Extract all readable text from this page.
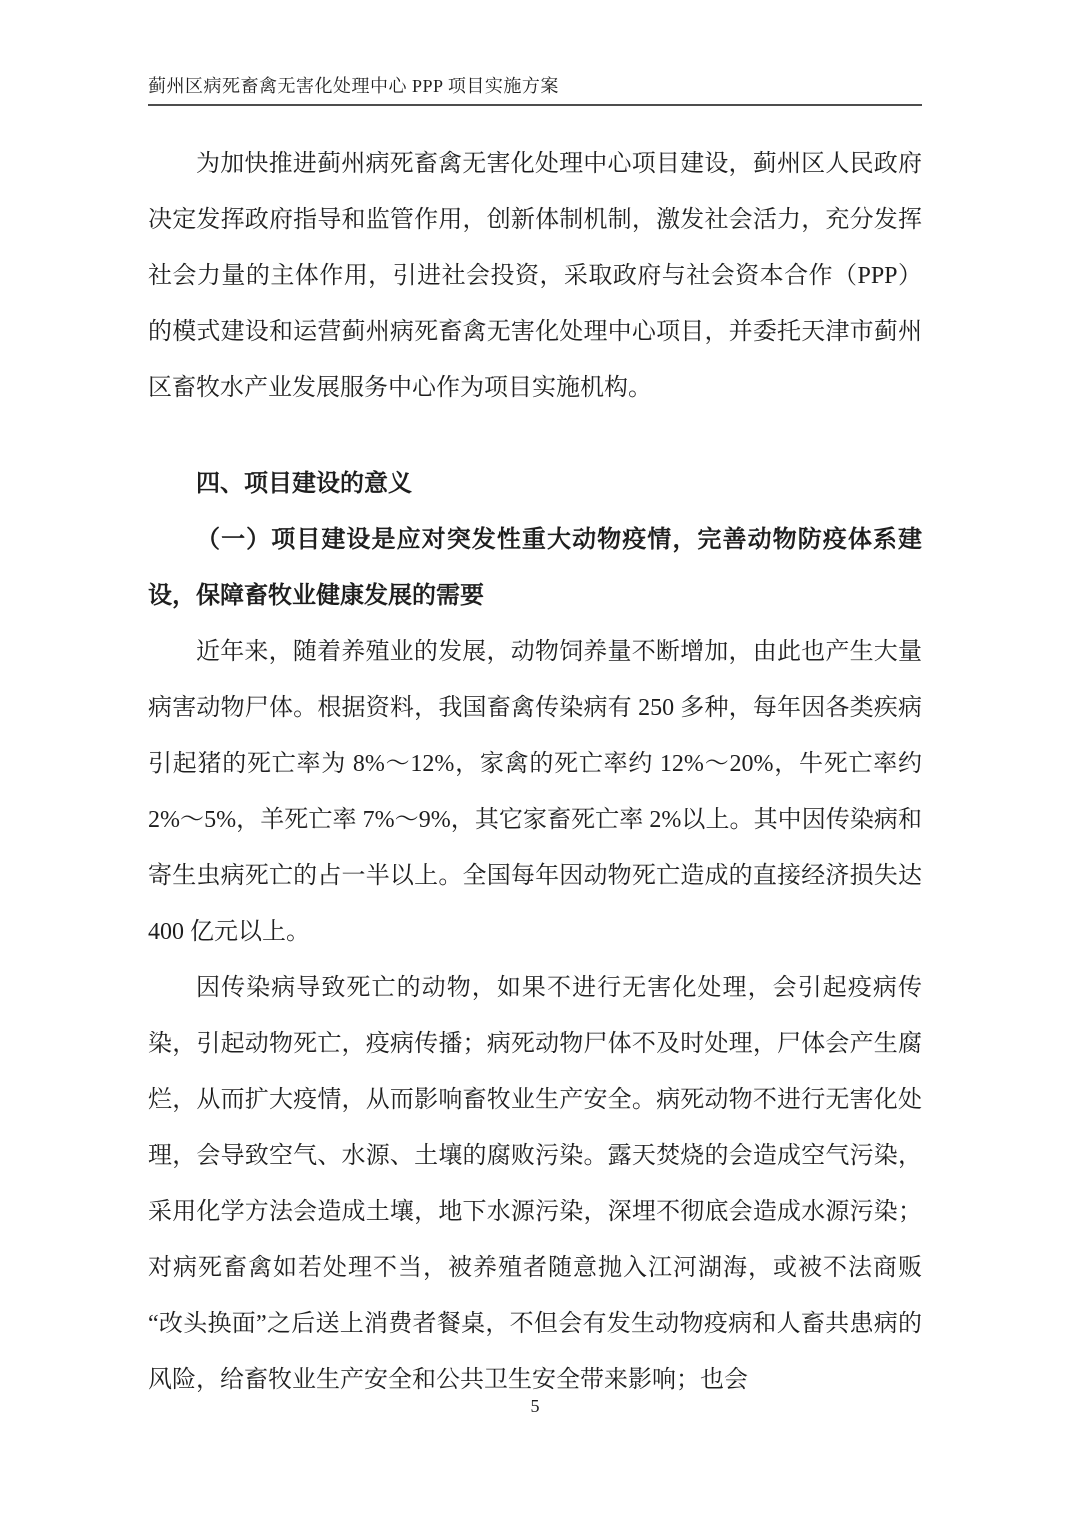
蓟州区病死畜禽无害化处理中心 PPP 项目实施方案

为加快推进蓟州病死畜禽无害化处理中心项目建设，蓟州区人民政府决定发挥政府指导和监管作用，创新体制机制，激发社会活力，充分发挥社会力量的主体作用，引进社会投资，采取政府与社会资本合作（PPP）的模式建设和运营蓟州病死畜禽无害化处理中心项目，并委托天津市蓟州区畜牧水产业发展服务中心作为项目实施机构。

四、项目建设的意义
（一）项目建设是应对突发性重大动物疫情，完善动物防疫体系建设，保障畜牧业健康发展的需要

近年来，随着养殖业的发展，动物饲养量不断增加，由此也产生大量病害动物尸体。根据资料，我国畜禽传染病有 250 多种，每年因各类疾病引起猪的死亡率为 8%～12%，家禽的死亡率约 12%～20%，牛死亡率约 2%～5%，羊死亡率 7%～9%，其它家畜死亡率 2%以上。其中因传染病和寄生虫病死亡的占一半以上。全国每年因动物死亡造成的直接经济损失达 400 亿元以上。

因传染病导致死亡的动物，如果不进行无害化处理，会引起疫病传染，引起动物死亡，疫病传播；病死动物尸体不及时处理，尸体会产生腐烂，从而扩大疫情，从而影响畜牧业生产安全。病死动物不进行无害化处理，会导致空气、水源、土壤的腐败污染。露天焚烧的会造成空气污染，采用化学方法会造成土壤，地下水源污染，深埋不彻底会造成水源污染；对病死畜禽如若处理不当，被养殖者随意抛入江河湖海，或被不法商贩“改头换面”之后送上消费者餐桌，不但会有发生动物疫病和人畜共患病的风险，给畜牧业生产安全和公共卫生安全带来影响；也会

5
